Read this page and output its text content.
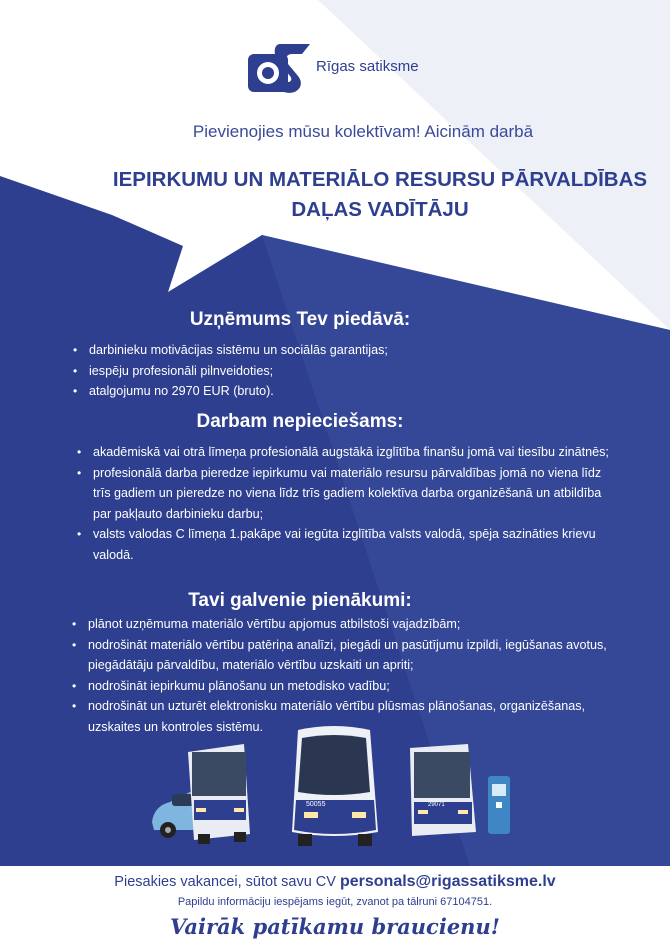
Rīgas satiksme
Pievienojies mūsu kolektīvam! Aicinām darbā
IEPIRKUMU UN MATERIĀLO RESURSU PĀRVALDĪBAS
DAĻAS VADĪTĀJU
Uzņēmums Tev piedāvā:
• darbinieku motivācijas sistēmu un sociālās garantijas;
• iespēju profesionāli pilnveidoties;
• atalgojumu no 2970 EUR (bruto).
Darbam nepieciešams:
• akadēmiskā vai otrā līmeņa profesionālā augstākā izglītība finanšu jomā vai tiesību zinātnēs;
• profesionālā darba pieredze iepirkumu vai materiālo resursu pārvaldības jomā no viena līdz trīs gadiem un pieredze no viena līdz trīs gadiem kolektīva darba organizēšanā un atbildība par pakļauto darbinieku darbu;
• valsts valodas C līmeņa 1.pakāpe vai iegūta izglītība valsts valodā, spēja sazināties krievu valodā.
Tavi galvenie pienākumi:
• plānot uzņēmuma materiālo vērtību apjomus atbilstoši vajadzībām;
• nodrošināt materiālo vērtību patēriņa analīzi, piegādi un pasūtījumu izpildi, iegūšanas avotus, piegādātāju pārvaldību, materiālo vērtību uzskaiti un apriti;
• nodrošināt iepirkumu plānošanu un metodisko vadību;
• nodrošināt un uzturēt elektronisku materiālo vērtību plūsmas plānošanas, organizēšanas, uzskaites un kontroles sistēmu.
50055	29071
Piesakies vakancei, sūtot savu CV personals@rigassatiksme.lv
Papildu informāciju iespējams iegūt, zvanot pa tālruni 67104751.
Vairāk patīkamu braucienu!
